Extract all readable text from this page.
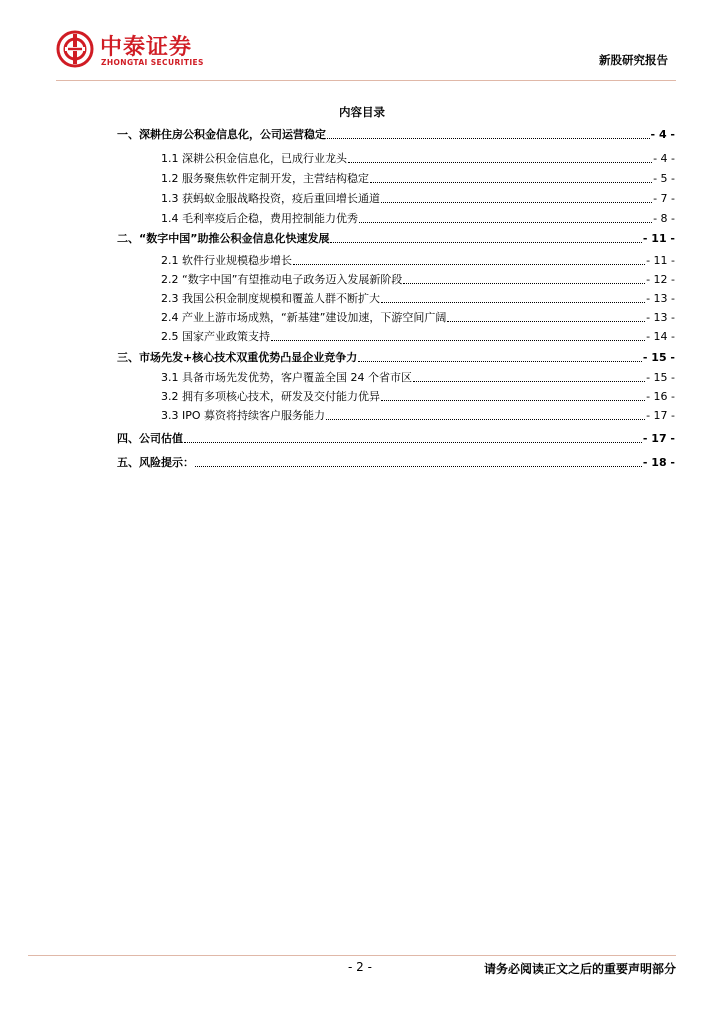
中泰证券
ZHONGTAI SECURITIES	新股研究报告
内容目录
一、深耕住房公积金信息化，公司运营稳定	- 4 -
1.1 深耕公积金信息化，已成行业龙头	- 4 -
1.2 服务聚焦软件定制开发，主营结构稳定	- 5 -
1.3 获蚂蚁金服战略投资，疫后重回增长通道	- 7 -
1.4 毛利率疫后企稳，费用控制能力优秀	- 8 -
二、“数字中国”助推公积金信息化快速发展	- 11 -
2.1 软件行业规模稳步增长	- 11 -
2.2 “数字中国”有望推动电子政务迈入发展新阶段	- 12 -
2.3 我国公积金制度规模和覆盖人群不断扩大	- 13 -
2.4 产业上游市场成熟，“新基建”建设加速，下游空间广阔	- 13 -
2.5 国家产业政策支持	- 14 -
三、市场先发+核心技术双重优势凸显企业竞争力	- 15 -
3.1 具备市场先发优势，客户覆盖全国 24 个省市区	- 15 -
3.2 拥有多项核心技术，研发及交付能力优异	- 16 -
3.3 IPO 募资将持续客户服务能力	- 17 -
四、公司估值	- 17 -
五、风险提示：	- 18 -
- 2 -	请务必阅读正文之后的重要声明部分
